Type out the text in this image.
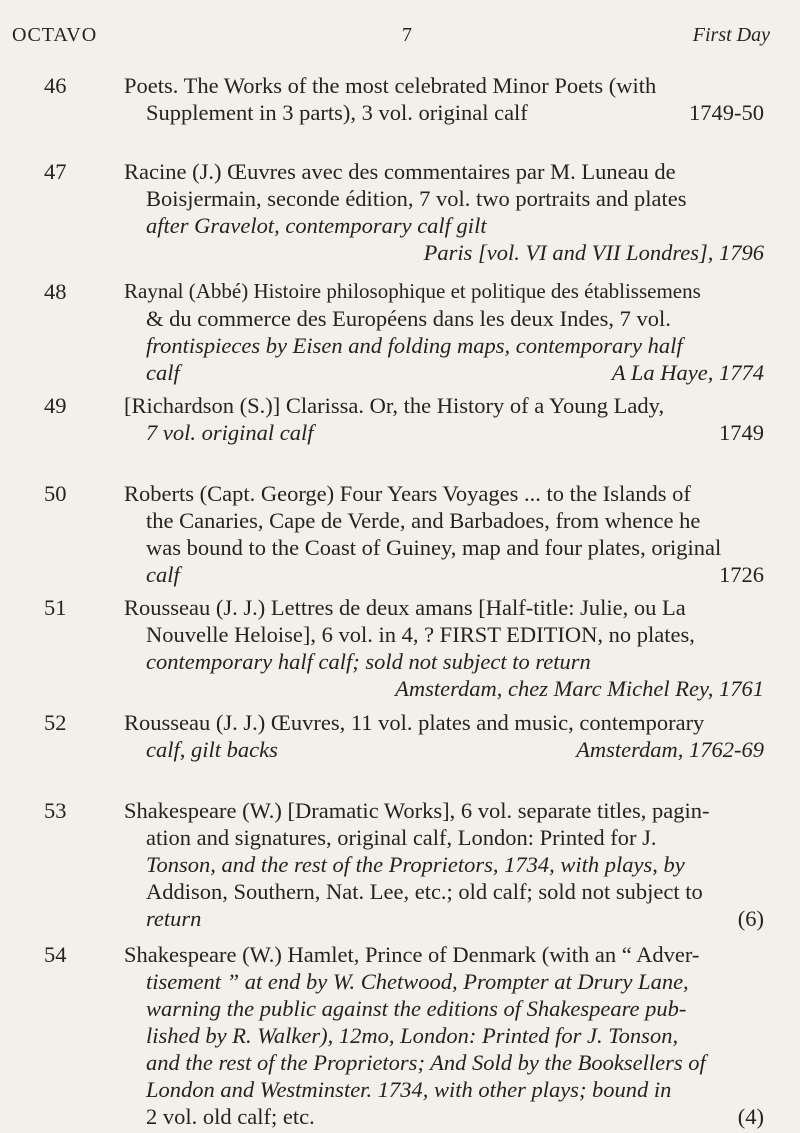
OCTAVO	7	First Day
46	Poets. The Works of the most celebrated Minor Poets (with
Supplement in 3 parts), 3 vol. original calf	1749-50
47	Racine (J.) Œuvres avec des commentaires par M. Luneau de
Boisjermain, seconde édition, 7 vol. two portraits and plates
after Gravelot, contemporary calf gilt
Paris [vol. VI and VII Londres], 1796
48	Raynal (Abbé) Histoire philosophique et politique des établissemens
& du commerce des Européens dans les deux Indes, 7 vol.
frontispieces by Eisen and folding maps, contemporary half
calf	A La Haye, 1774
49	[Richardson (S.)] Clarissa. Or, the History of a Young Lady,
7 vol. original calf	1749
50	Roberts (Capt. George) Four Years Voyages ... to the Islands of
the Canaries, Cape de Verde, and Barbadoes, from whence he
was bound to the Coast of Guiney, map and four plates, original
calf	1726
51	Rousseau (J. J.) Lettres de deux amans [Half-title: Julie, ou La
Nouvelle Heloise], 6 vol. in 4, ? FIRST EDITION, no plates,
contemporary half calf; sold not subject to return
Amsterdam, chez Marc Michel Rey, 1761
52	Rousseau (J. J.) Œuvres, 11 vol. plates and music, contemporary
calf, gilt backs	Amsterdam, 1762-69
53	Shakespeare (W.) [Dramatic Works], 6 vol. separate titles, pagin-
ation and signatures, original calf, London: Printed for J.
Tonson, and the rest of the Proprietors, 1734, with plays, by
Addison, Southern, Nat. Lee, etc.; old calf; sold not subject to
return	(6)
54	Shakespeare (W.) Hamlet, Prince of Denmark (with an “ Adver-
tisement ” at end by W. Chetwood, Prompter at Drury Lane,
warning the public against the editions of Shakespeare pub-
lished by R. Walker), 12mo, London: Printed for J. Tonson,
and the rest of the Proprietors; And Sold by the Booksellers of
London and Westminster. 1734, with other plays; bound in
2 vol. old calf; etc.	(4)
